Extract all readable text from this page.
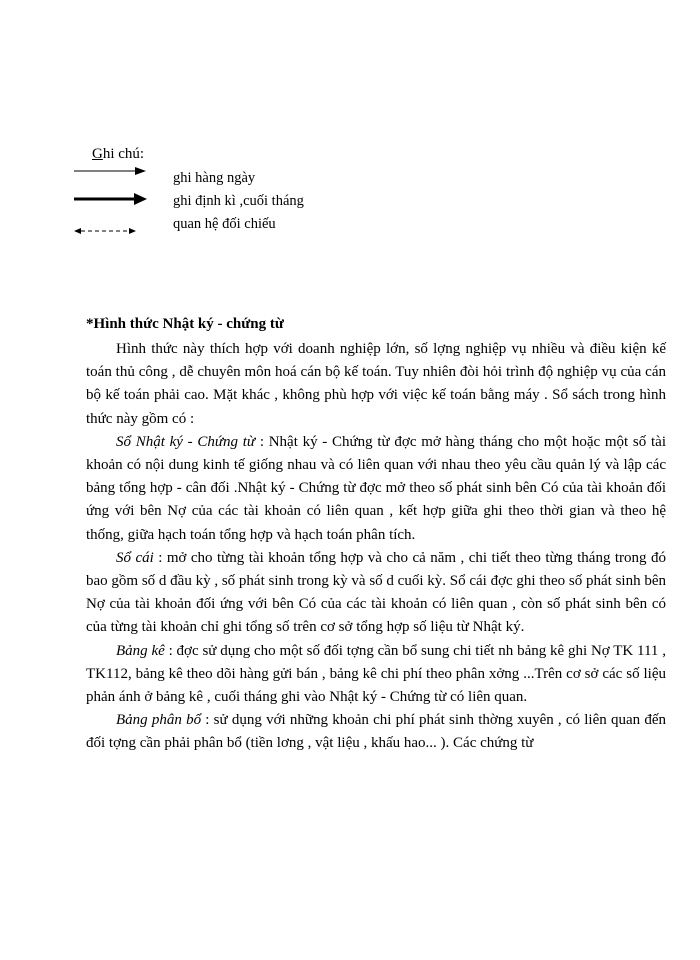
Ghi chú:
ghi hàng ngày
ghi định kì ,cuối tháng
quan hệ đối chiếu
*Hình thức Nhật ký - chứng từ

Hình thức này thích hợp với doanh nghiệp lớn, số lợng nghiệp vụ nhiều và điều kiện kế toán thủ công , dễ chuyên môn hoá cán bộ kế toán. Tuy nhiên đòi hỏi trình độ nghiệp vụ của cán bộ kế toán phải cao. Mặt khác , không phù hợp với việc kế toán bằng máy . Sổ sách trong hình thức này gồm có :

Sổ Nhật ký - Chứng từ : Nhật ký - Chứng từ đợc mở hàng tháng cho một hoặc một số tài khoản có nội dung kinh tế giống nhau và có liên quan với nhau theo yêu cầu quản lý và lập các bảng tổng hợp - cân đối .Nhật ký - Chứng từ đợc mở theo số phát sinh bên Có của tài khoản đối ứng với bên Nợ của các tài khoản có liên quan , kết hợp giữa ghi theo thời gian và theo hệ thống, giữa hạch toán tổng hợp và hạch toán phân tích.

Sổ cái : mở cho từng tài khoản tổng hợp và cho cả năm , chi tiết theo từng tháng trong đó bao gồm số d đầu kỳ , số phát sinh trong kỳ và số d cuối kỳ. Sổ cái đợc ghi theo số phát sinh bên Nợ của tài khoản đối ứng với bên Có của các tài khoản có liên quan , còn số phát sinh bên có của từng tài khoản chỉ ghi tổng số trên cơ sở tổng hợp số liệu từ Nhật ký.

Bảng kê : đợc sử dụng cho một số đối tợng cần bổ sung chi tiết nh bảng kê ghi Nợ TK 111 , TK112, bảng kê theo dõi hàng gửi bán , bảng kê chi phí theo phân xởng ...Trên cơ sở các số liệu phản ánh ở bảng kê , cuối tháng ghi vào Nhật ký - Chứng từ có liên quan.

Bảng phân bổ : sử dụng với những khoản chi phí phát sinh thờng xuyên , có liên quan đến đối tợng cần phải phân bổ (tiền lơng , vật liệu , khấu hao... ). Các chứng từ
